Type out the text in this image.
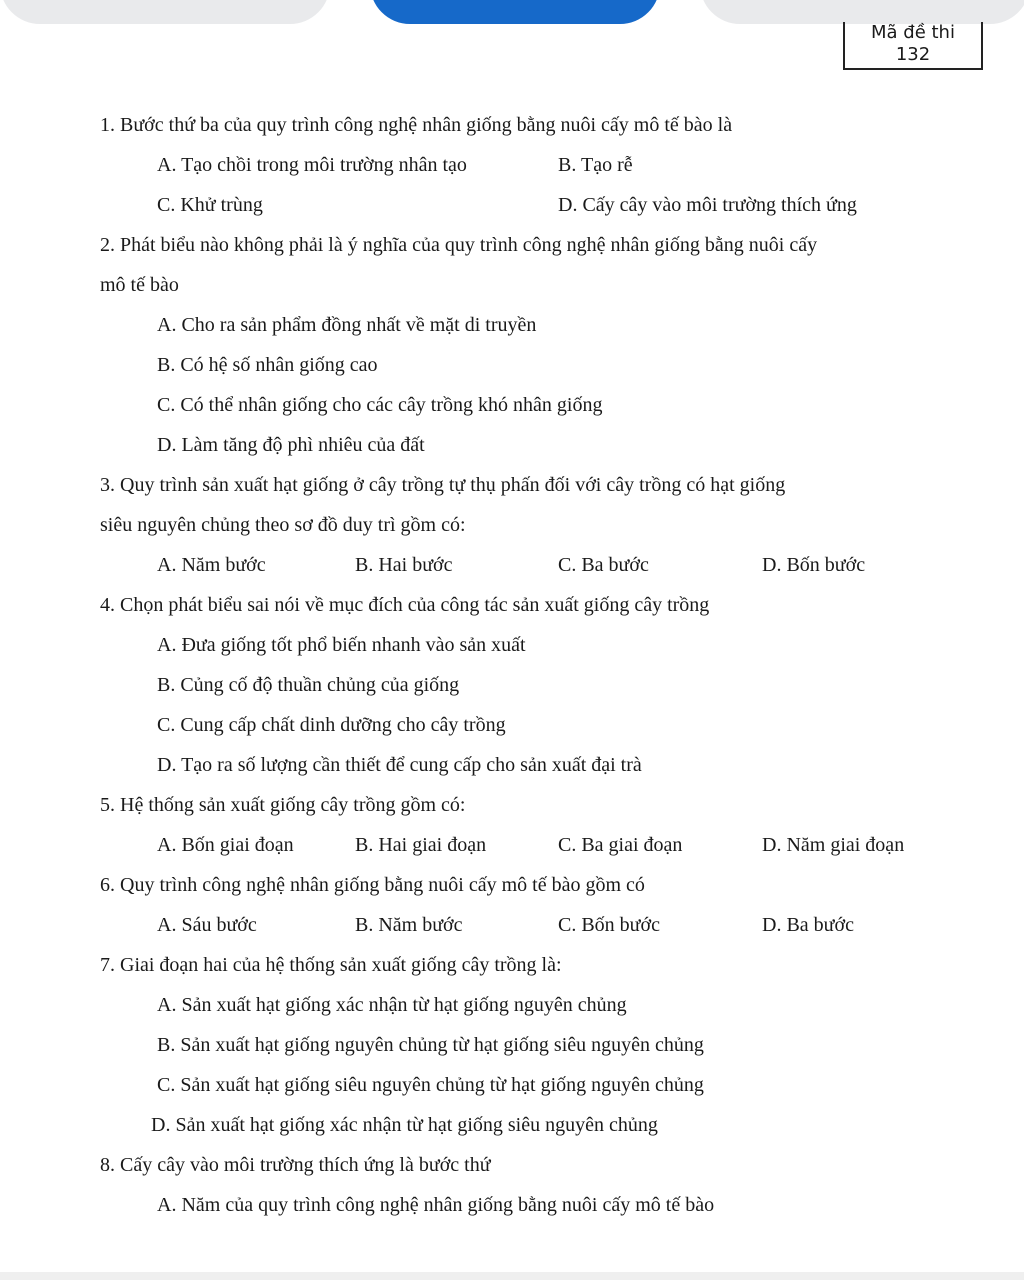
Mã đề thi
132
1. Bước thứ ba của quy trình công nghệ nhân giống bằng nuôi cấy mô tế bào là
A. Tạo chồi trong môi trường nhân tạo	B. Tạo rễ
C. Khử trùng	D. Cấy cây vào môi trường thích ứng
2. Phát biểu nào không phải là ý nghĩa của quy trình công nghệ nhân giống bằng nuôi cấy
mô tế bào
A. Cho ra sản phẩm đồng nhất về mặt di truyền
B. Có hệ số nhân giống cao
C. Có thể nhân giống cho các cây trồng khó nhân giống
D. Làm tăng độ phì nhiêu của đất
3. Quy trình sản xuất hạt giống ở cây trồng tự thụ phấn đối với cây trồng có hạt giống
siêu nguyên chủng theo sơ đồ duy trì gồm có:
A. Năm bước	B. Hai bước	C. Ba bước	D. Bốn bước
4. Chọn phát biểu sai nói về mục đích của công tác sản xuất giống cây trồng
A. Đưa giống tốt phổ biến nhanh vào sản xuất
B. Củng cố độ thuần chủng của giống
C. Cung cấp chất dinh dưỡng cho cây trồng
D. Tạo ra số lượng cần thiết để cung cấp cho sản xuất đại trà
5. Hệ thống sản xuất giống cây trồng gồm có:
A. Bốn giai đoạn	B. Hai giai đoạn	C. Ba giai đoạn	D. Năm giai đoạn
6. Quy trình công nghệ nhân giống bằng nuôi cấy mô tế bào gồm có
A. Sáu bước	B. Năm bước	C. Bốn bước	D. Ba bước
7. Giai đoạn hai của hệ thống sản xuất giống cây trồng là:
A. Sản xuất hạt giống xác nhận từ hạt giống nguyên chủng
B. Sản xuất hạt giống nguyên chủng từ hạt giống siêu nguyên chủng
C. Sản xuất hạt giống siêu nguyên chủng từ hạt giống nguyên chủng
D. Sản xuất hạt giống xác nhận từ hạt giống siêu nguyên chủng
8. Cấy cây vào môi trường thích ứng là bước thứ
A. Năm của quy trình công nghệ nhân giống bằng nuôi cấy mô tế bào
